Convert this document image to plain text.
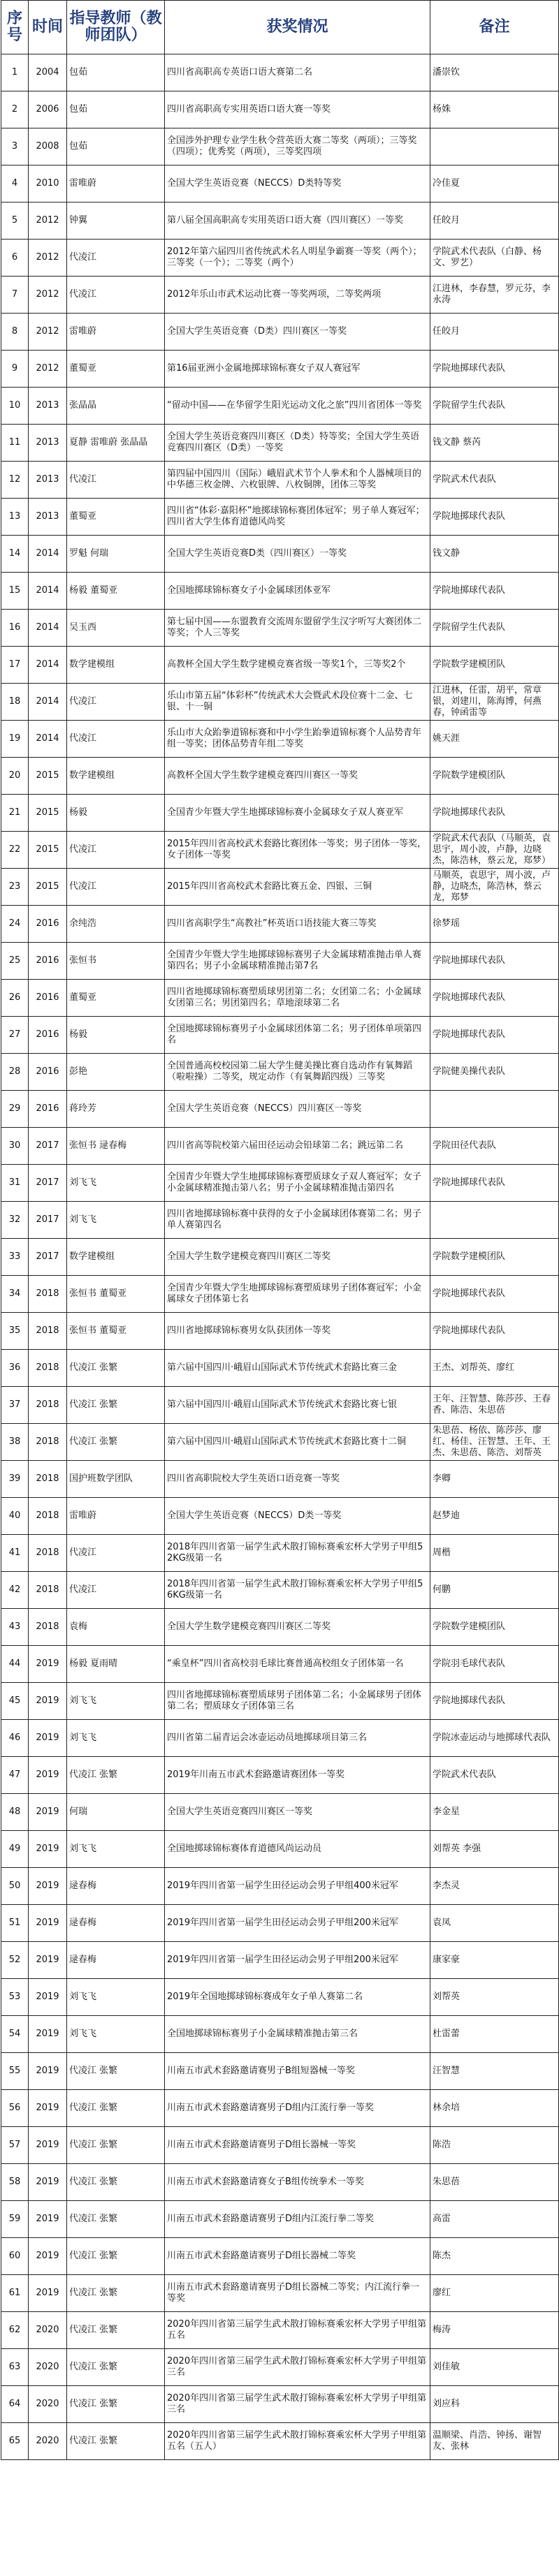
序号	时间	指导教师（教师团队）	获奖情况	备注
1	2004	包茹	四川省高职高专英语口语大赛第二名	潘崇钦
2	2006	包茹	四川省高职高专实用英语口语大赛一等奖	杨姝
3	2008	包茹	全国涉外护理专业学生秋令营英语大赛二等奖（两项）；三等奖（四项）；优秀奖（两项），三等奖四项	
4	2010	雷唯蔚	全国大学生英语竞赛（NECCS）D类特等奖	冷佳夏
5	2012	钟翼	第八届全国高职高专实用英语口语大赛（四川赛区）一等奖	任皎月
6	2012	代凌江	2012年第六届四川省传统武术名人明星争霸赛一等奖（两个）；三等奖（一个）；二等奖（两个）	学院武术代表队（白静、杨文、罗艺）
7	2012	代凌江	2012年乐山市武术运动比赛一等奖两项，二等奖两项	江进林，李春慧，罗元芬，李永涛
8	2012	雷唯蔚	全国大学生英语竞赛（D类）四川赛区一等奖	任皎月
9	2012	董蜀亚	第16届亚洲小金属地掷球锦标赛女子双人赛冠军	学院地掷球代表队
10	2013	张晶晶	“留动中国——在华留学生阳光运动文化之旅”四川省团体一等奖	学院留学生代表队
11	2013	夏静 雷唯蔚 张晶晶	全国大学生英语竞赛四川赛区（D类）特等奖；全国大学生英语竞赛四川赛区（D类）一等奖	钱文静 蔡芮
12	2013	代凌江	第四届中国四川（国际）峨眉武术节个人拳术和个人器械项目的中华德三枚金牌、六枚银牌、八枚铜牌，团体三等奖	学院武术代表队
13	2013	董蜀亚	四川省“体彩·嘉阳杯”地掷球锦标赛团体冠军；男子单人赛冠军；四川省大学生体育道德风尚奖	学院地掷球代表队
14	2014	罗魁 何瑞	全国大学生英语竞赛D类（四川赛区）一等奖	钱文静
15	2014	杨毅 董蜀亚	全国地掷球锦标赛女子小金属球团体亚军	学院地掷球代表队
16	2014	吴玉西	第七届中国——东盟教育交流周东盟留学生汉字听写大赛团体二等奖；个人三等奖	学院留学生代表队
17	2014	数学建模组	高教杯全国大学生数学建模竞赛省级一等奖1个，三等奖2个	学院数学建模团队
18	2014	代凌江	乐山市第五届“体彩杯”传统武术大会暨武术段位赛十二金、七银、十一铜	江进林，任雷，胡平，常章银，刘建川，陈海博，何燕春，钟函雷等
19	2014	代凌江	乐山市大众跆拳道锦标赛和中小学生跆拳道锦标赛个人品势青年组一等奖；团体品势青年组二等奖	姚天涯
20	2015	数学建模组	高教杯全国大学生数学建模竞赛四川赛区一等奖	学院数学建模团队
21	2015	杨毅	全国青少年暨大学生地掷球锦标赛小金属球女子双人赛亚军	学院地掷球代表队
22	2015	代凌江	2015年四川省高校武术套路比赛团体一等奖；男子团体一等奖，女子团体一等奖	学院武术代表队（马顺英，袁思宇，周小波，卢静，边晓杰，陈浩林，蔡云龙，郑梦）
23	2015	代凌江	2015年四川省高校武术套路比赛五金、四银、三铜	马顺英，袁思宇，周小波，卢静，边晓杰，陈浩林，蔡云龙，郑梦
24	2016	余纯浩	四川省高职学生“高教社”杯英语口语技能大赛三等奖	徐梦瑶
25	2016	张恒书	全国青少年暨大学生地掷球锦标赛男子大金属球精准抛击单人赛第四名；男子小金属球精准抛击第7名	学院地掷球代表队
26	2016	董蜀亚	四川省地掷球锦标赛塑质球男团第二名；女团第二名；小金属球女团第三名；男团第四名；草地滚球第二名	学院地掷球代表队
27	2016	杨毅	全国地掷球锦标赛男子小金属球团体第二名；男子团体单项第四名	学院地掷球代表队
28	2016	彭艳	全国普通高校校园第二届大学生健美操比赛自选动作有氧舞蹈（啦啦操）二等奖，规定动作（有氧舞蹈四级）三等奖	学院健美操代表队
29	2016	蒋玲芳	全国大学生英语竞赛（NECCS）四川赛区一等奖	
30	2017	张恒书 逯春梅	四川省高等院校第六届田径运动会铅球第二名；跳远第二名	学院田径代表队
31	2017	刘飞飞	全国青少年暨大学生地掷球锦标赛塑质球女子双人赛冠军；女子小金属球精准抛击第八名；男子小金属球精准抛击第四名	学院地掷球代表队
32	2017	刘飞飞	四川省地掷球锦标赛中获得的女子小金属球团体赛第二名；男子单人赛第四名	
33	2017	数学建模组	全国大学生数学建模竞赛四川赛区二等奖	学院数学建模团队
34	2018	张恒书 董蜀亚	全国青少年暨大学生地掷球锦标赛塑质球男子团体赛冠军；小金属球女子团体第七名	学院地掷球代表队
35	2018	张恒书 董蜀亚	四川省地掷球锦标赛男女队获团体一等奖	学院地掷球代表队
36	2018	代凌江 张繁	第六届中国四川·峨眉山国际武术节传统武术套路比赛三金	王杰、刘帮英、廖红
37	2018	代凌江 张繁	第六届中国四川·峨眉山国际武术节传统武术套路比赛七银	王年、汪智慧、陈莎莎、王春香、陈浩、朱思蓓
38	2018	代凌江 张繁	第六届中国四川·峨眉山国际武术节传统武术套路比赛十二铜	朱思蓓、杨依、陈莎莎、廖红、杨佳、汪智慧、王年、王杰、朱思蓓、陈浩、刘帮英
39	2018	国护班数学团队	四川省高职院校大学生英语口语竞赛一等奖	李卿
40	2018	雷唯蔚	全国大学生英语竞赛（NECCS）D类一等奖	赵梦迪
41	2018	代凌江	2018年四川省第一届学生武术散打锦标赛乘宏杯大学男子甲组52KG级第一名	周楷
42	2018	代凌江	2018年四川省第一届学生武术散打锦标赛乘宏杯大学男子甲组56KG级第一名	何鹏
43	2018	袁梅	全国大学生数学建模竞赛四川赛区二等奖	学院数学建模团队
44	2019	杨毅 夏雨晴	“乘皇杯”四川省高校羽毛球比赛普通高校组女子团体第一名	学院羽毛球代表队
45	2019	刘飞飞	四川省地掷球锦标赛塑质球男子团体第二名；小金属球男子团体第二名；塑质球女子团体第三名	学院地掷球代表队
46	2019	刘飞飞	四川省第二届青运会冰壶运动员地掷球项目第三名	学院冰壶运动与地掷球代表队
47	2019	代凌江 张繁	2019年川南五市武术套路邀请赛团体一等奖	学院武术代表队
48	2019	何瑞	全国大学生英语竞赛四川赛区一等奖	李金星
49	2019	刘飞飞	全国地掷球锦标赛体育道德风尚运动员	刘帮英 李强
50	2019	逯春梅	2019年四川省第一届学生田径运动会男子甲组400米冠军	李杰灵
51	2019	逯春梅	2019年四川省第一届学生田径运动会男子甲组200米冠军	袁凤
52	2019	逯春梅	2019年四川省第一届学生田径运动会男子甲组200米冠军	康家豪
53	2019	刘飞飞	2019年全国地掷球锦标赛成年女子单人赛第二名	刘帮英
54	2019	刘飞飞	全国地掷球锦标赛男子小金属球精准抛击第三名	杜雷蕾
55	2019	代凌江 张繁	川南五市武术套路邀请赛男子B组短器械一等奖	汪智慧
56	2019	代凌江 张繁	川南五市武术套路邀请赛男子D组内江流行拳一等奖	林余培
57	2019	代凌江 张繁	川南五市武术套路邀请赛男子D组长器械一等奖	陈浩
58	2019	代凌江 张繁	川南五市武术套路邀请赛女子B组传统拳术一等奖	朱思蓓
59	2019	代凌江 张繁	川南五市武术套路邀请赛男子D组内江流行拳二等奖	高雷
60	2019	代凌江 张繁	川南五市武术套路邀请赛男子D组长器械二等奖	陈杰
61	2019	代凌江 张繁	川南五市武术套路邀请赛男子D组长器械二等奖；内江流行拳一等奖	廖红
62	2020	代凌江 张繁	2020年四川省第三届学生武术散打锦标赛乘宏杯大学男子甲组第五名	梅涛
63	2020	代凌江 张繁	2020年四川省第三届学生武术散打锦标赛乘宏杯大学男子甲组第三名	刘佳敏
64	2020	代凌江 张繁	2020年四川省第三届学生武术散打锦标赛乘宏杯大学男子甲组第三名	刘应科
65	2020	代凌江 张繁	2020年四川省第三届学生武术散打锦标赛乘宏杯大学男子甲组第五名（五人）	温顺梁、肖浩、钟扬、谢智友、张林
